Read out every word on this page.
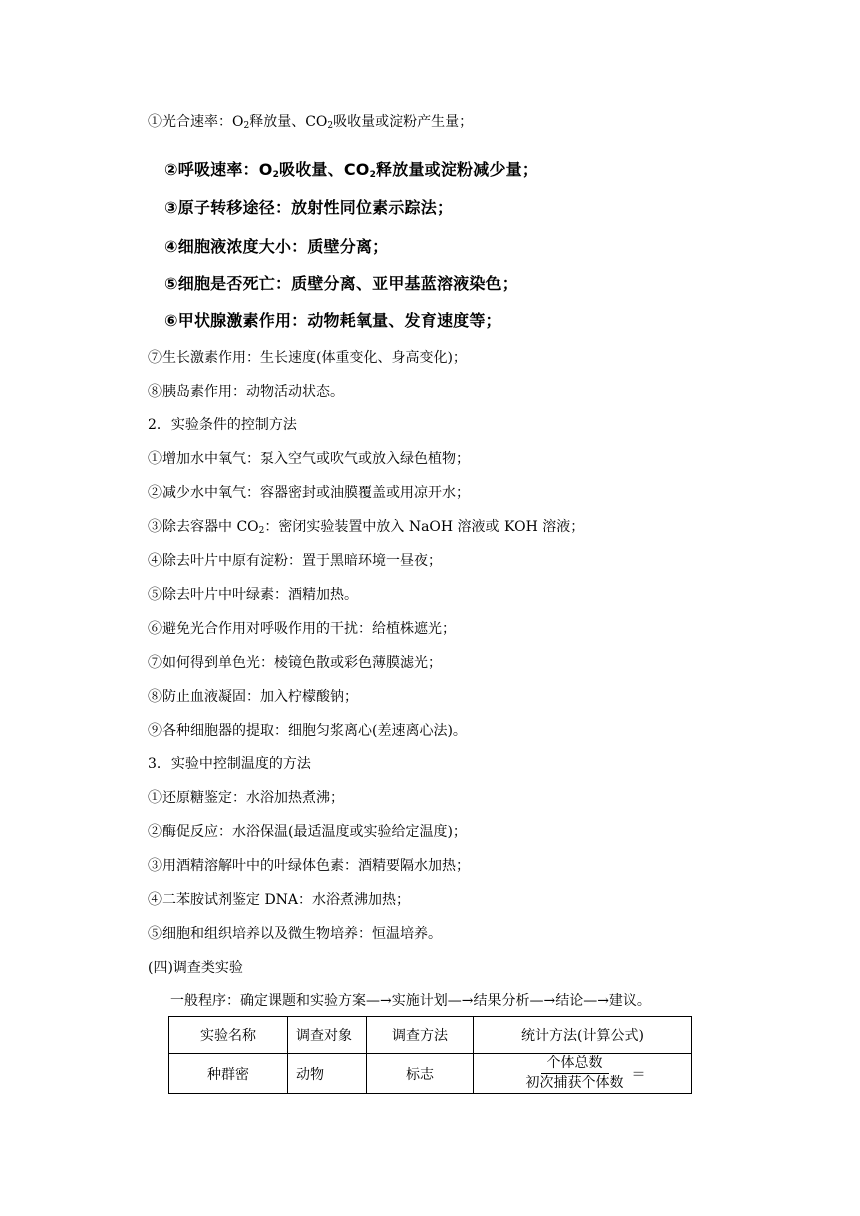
①光合速率：$O_2$释放量、$CO_2$吸收量或淀粉产生量；
②呼吸速率：$O_2$吸收量、$CO_2$释放量或淀粉减少量；
③原子转移途径：放射性同位素示踪法；
④细胞液浓度大小：质壁分离；
⑤细胞是否死亡：质壁分离、亚甲基蓝溶液染色；
⑥甲状腺激素作用：动物耗氧量、发育速度等；
⑦生长激素作用：生长速度(体重变化、身高变化)；
⑧胰岛素作用：动物活动状态。
2．实验条件的控制方法
①增加水中氧气：泵入空气或吹气或放入绿色植物；
②减少水中氧气：容器密封或油膜覆盖或用凉开水；
③除去容器中 $CO_2$：密闭实验装置中放入 NaOH 溶液或 KOH 溶液；
④除去叶片中原有淀粉：置于黑暗环境一昼夜；
⑤除去叶片中叶绿素：酒精加热。
⑥避免光合作用对呼吸作用的干扰：给植株遮光；
⑦如何得到单色光：棱镜色散或彩色薄膜滤光；
⑧防止血液凝固：加入柠檬酸钠；
⑨各种细胞器的提取：细胞匀浆离心(差速离心法)。
3．实验中控制温度的方法
①还原糖鉴定：水浴加热煮沸；
②酶促反应：水浴保温(最适温度或实验给定温度)；
③用酒精溶解叶中的叶绿体色素：酒精要隔水加热；
④二苯胺试剂鉴定 DNA：水浴煮沸加热；
⑤细胞和组织培养以及微生物培养：恒温培养。
(四)调查类实验
一般程序：确定课题和实验方案—→实施计划—→结果分析—→结论—→建议。
实验名称	调查对象	调查方法	统计方法(计算公式)
种群密	动物	标志	$\frac{\text{个体总数}}{\text{初次捕获个体数}}$ ＝
